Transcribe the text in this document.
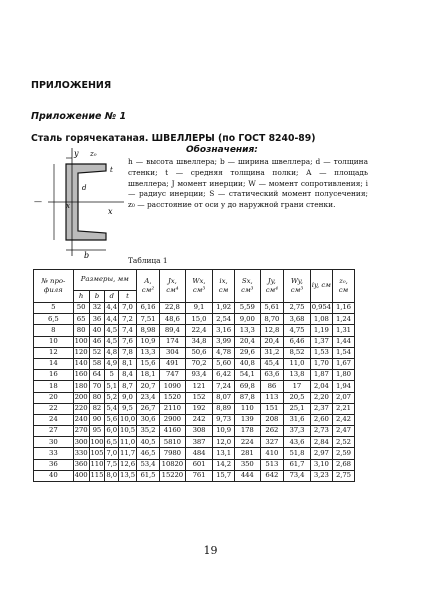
ПРИЛОЖЕНИЯ
Приложение № 1
Сталь горячекатаная. ШВЕЛЛЕРЫ (по ГОСТ 8240-89)
y
x
z₀
—
b
t
d
x
Обозначения:
h — высота швеллера; b — ширина швеллера; d — толщина стенки; t — средняя толщина полки; A — площадь швеллера; J момент инерции; W — момент сопротивления; i — радиус инерции; S — статический момент полусечения; z₀ — расстояние от оси у до наружной грани стенки.
Таблица 1
№ про-филя	Размеры, мм				A, см²	Jx, см⁴	Wx, см³	ix, см	Sx, см³	Jy, см⁴	Wy, см³	iy, см	z₀, см
	h	b	d	t									
5	50	32	4,4	7,0	6,16	22,8	9,1	1,92	5,59	5,61	2,75	0,954	1,16
6,5	65	36	4,4	7,2	7,51	48,6	15,0	2,54	9,00	8,70	3,68	1,08	1,24
8	80	40	4,5	7,4	8,98	89,4	22,4	3,16	13,3	12,8	4,75	1,19	1,31
10	100	46	4,5	7,6	10,9	174	34,8	3,99	20,4	20,4	6,46	1,37	1,44
12	120	52	4,8	7,8	13,3	304	50,6	4,78	29,6	31,2	8,52	1,53	1,54
14	140	58	4,9	8,1	15,6	491	70,2	5,60	40,8	45,4	11,0	1,70	1,67
16	160	64	5	8,4	18,1	747	93,4	6,42	54,1	63,6	13,8	1,87	1,80
18	180	70	5,1	8,7	20,7	1090	121	7,24	69,8	86	17	2,04	1,94
20	200	80	5,2	9,0	23,4	1520	152	8,07	87,8	113	20,5	2,20	2,07
22	220	82	5,4	9,5	26,7	2110	192	8,89	110	151	25,1	2,37	2,21
24	240	90	5,6	10,0	30,6	2900	242	9,73	139	208	31,6	2,60	2,42
27	270	95	6,0	10,5	35,2	4160	308	10,9	178	262	37,3	2,73	2,47
30	300	100	6,5	11,0	40,5	5810	387	12,0	224	327	43,6	2,84	2,52
33	330	105	7,0	11,7	46,5	7980	484	13,1	281	410	51,8	2,97	2,59
36	360	110	7,5	12,6	53,4	10820	601	14,2	350	513	61,7	3,10	2,68
40	400	115	8,0	13,5	61,5	15220	761	15,7	444	642	73,4	3,23	2,75
19
